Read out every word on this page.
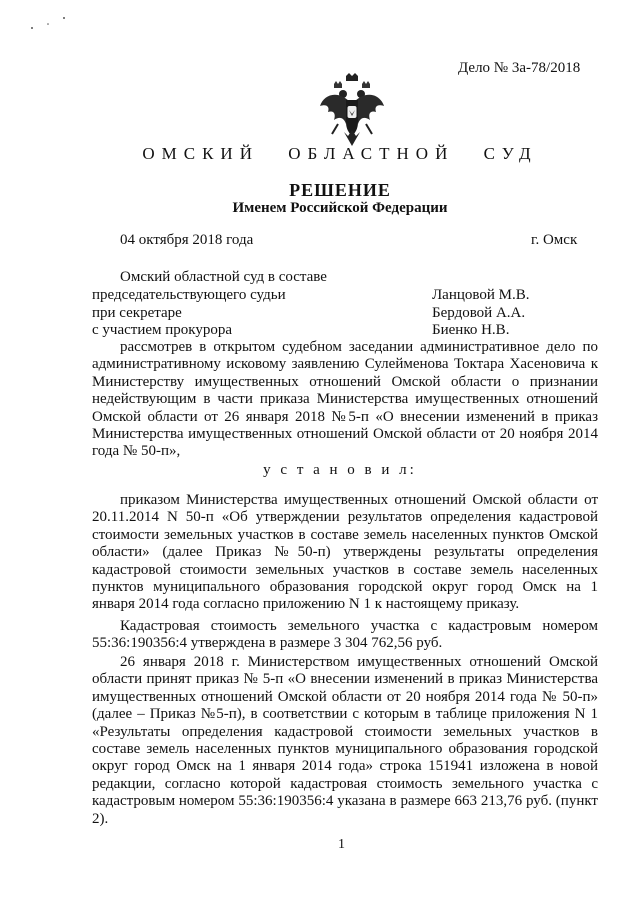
Дело № 3а-78/2018
ОМСКИЙ ОБЛАСТНОЙ СУД
РЕШЕНИЕ
Именем Российской Федерации
04 октября 2018 года	г. Омск
Омский областной суд в составе
председательствующего судьи	Ланцовой М.В.
при секретаре	Бердовой А.А.
с участием прокурора	Биенко Н.В.

рассмотрев в открытом судебном заседании административное дело по административному исковому заявлению Сулейменова Токтара Хасеновича к Министерству имущественных отношений Омской области о признании недействующим в части приказа Министерства имущественных отношений Омской области от 26 января 2018 №5-п «О внесении изменений в приказ Министерства имущественных отношений Омской области от 20 ноября 2014 года № 50-п»,

у с т а н о в и л:

приказом Министерства имущественных отношений Омской области от 20.11.2014 N 50-п «Об утверждении результатов определения кадастровой стоимости земельных участков в составе земель населенных пунктов Омской области» (далее Приказ №50-п) утверждены результаты определения кадастровой стоимости земельных участков в составе земель населенных пунктов муниципального образования городской округ город Омск на 1 января 2014 года согласно приложению N 1 к настоящему приказу.

Кадастровая стоимость земельного участка с кадастровым номером 55:36:190356:4 утверждена в размере 3 304 762,56 руб.

26 января 2018 г. Министерством имущественных отношений Омской области принят приказ № 5-п «О внесении изменений в приказ Министерства имущественных отношений Омской области от 20 ноября 2014 года № 50-п» (далее – Приказ №5-п), в соответствии с которым в таблице приложения N 1 «Результаты определения кадастровой стоимости земельных участков в составе земель населенных пунктов муниципального образования городской округ город Омск на 1 января 2014 года» строка 151941 изложена в новой редакции, согласно которой кадастровая стоимость земельного участка с кадастровым номером 55:36:190356:4 указана в размере 663 213,76 руб. (пункт 2).

1
